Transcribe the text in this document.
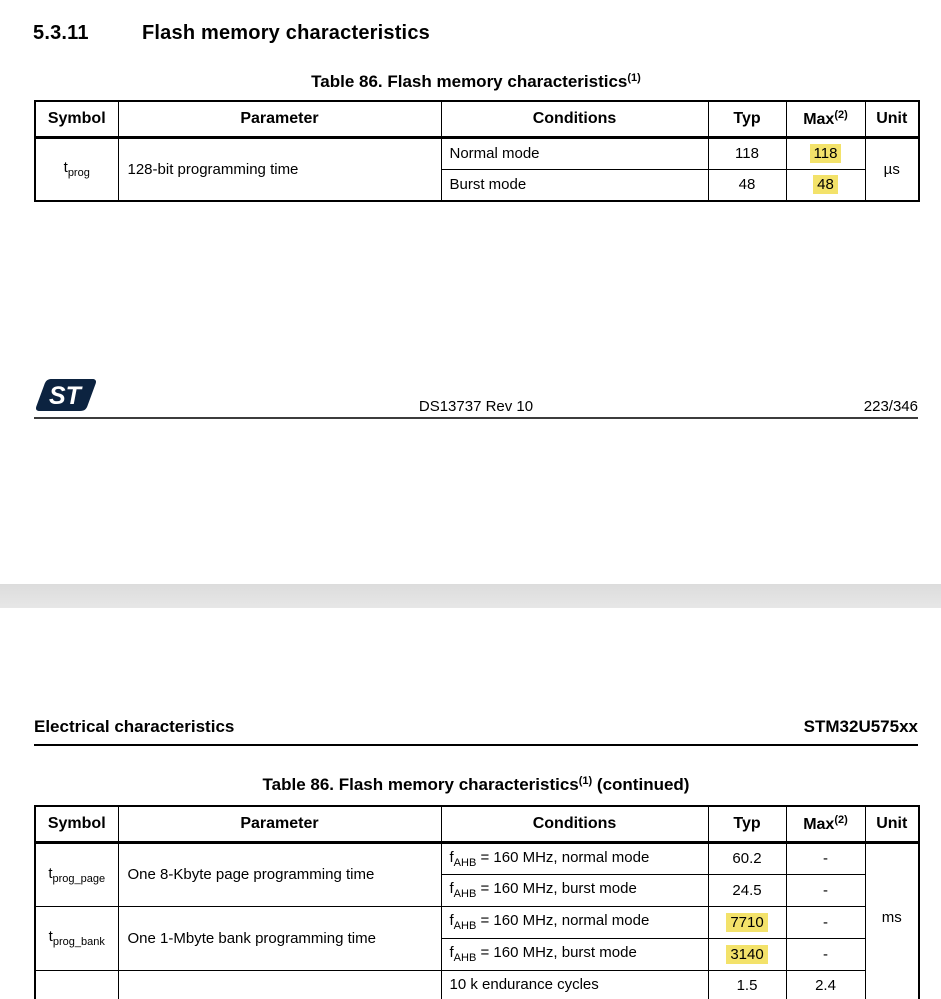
5.3.11	Flash memory characteristics
Table 86. Flash memory characteristics$^{(1)}$
Symbol	Parameter	Conditions	Typ	Max$^{(2)}$	Unit
$t_{prog}$	128-bit programming time	Normal mode	118	118	µs
		Burst mode	48	48	
ST	DS13737 Rev 10	223/346
Electrical characteristics	STM32U575xx
Table 86. Flash memory characteristics$^{(1)}$ (continued)
Symbol	Parameter	Conditions	Typ	Max$^{(2)}$	Unit
$t_{prog\_page}$	One 8-Kbyte page programming time	$f_{AHB} = 160$ MHz, normal mode	60.2	-	ms
		$f_{AHB} = 160$ MHz, burst mode	24.5	-	
$t_{prog\_bank}$	One 1-Mbyte bank programming time	$f_{AHB} = 160$ MHz, normal mode	7710	-	
		$f_{AHB} = 160$ MHz, burst mode	3140	-	
		10 k endurance cycles	1.5	2.4	
